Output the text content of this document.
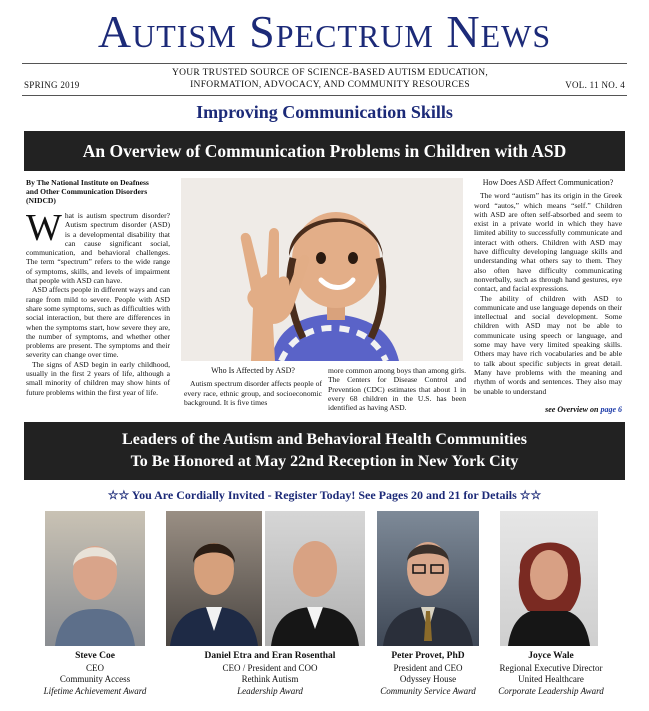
Autism Spectrum News
YOUR TRUSTED SOURCE OF SCIENCE-BASED AUTISM EDUCATION,
INFORMATION, ADVOCACY, AND COMMUNITY RESOURCES
SPRING 2019	VOL. 11 NO. 4
Improving Communication Skills
An Overview of Communication Problems in Children with ASD
By The National Institute on Deafness
and Other Communication Disorders
(NIDCD)

What is autism spectrum disorder? Autism spectrum disorder (ASD) is a developmental disability that can cause significant social, communication, and behavioral challenges. The term “spectrum” refers to the wide range of symptoms, skills, and levels of impairment that people with ASD can have.

ASD affects people in different ways and can range from mild to severe. People with ASD share some symptoms, such as difficulties with social interaction, but there are differences in when the symptoms start, how severe they are, the number of symptoms, and whether other problems are present. The symptoms and their severity can change over time.

The signs of ASD begin in early childhood, usually in the first 2 years of life, although a small minority of children may show hints of future problems within the first year of life.

Who Is Affected by ASD?

Autism spectrum disorder affects people of every race, ethnic group, and socioeconomic background. It is five times

more common among boys than among girls. The Centers for Disease Control and Prevention (CDC) estimates that about 1 in every 68 children in the U.S. has been identified as having ASD.

How Does ASD Affect Communication?

The word “autism” has its origin in the Greek word “autos,” which means “self.” Children with ASD are often self-absorbed and seem to exist in a private world in which they have limited ability to successfully communicate and interact with others. Children with ASD may have difficulty developing language skills and understanding what others say to them. They also often have difficulty communicating nonverbally, such as through hand gestures, eye contact, and facial expressions.

The ability of children with ASD to communicate and use language depends on their intellectual and social development. Some children with ASD may not be able to communicate using speech or language, and some may have very limited speaking skills. Others may have rich vocabularies and be able to talk about specific subjects in great detail. Many have problems with the meaning and rhythm of words and sentences. They also may be unable to understand

see Overview on page 6
Leaders of the Autism and Behavioral Health Communities
To Be Honored at May 22nd Reception in New York City
☆☆ You Are Cordially Invited - Register Today! See Pages 20 and 21 for Details ☆☆
Steve Coe
CEO
Community Access
Lifetime Achievement Award
Daniel Etra and Eran Rosenthal
CEO / President and COO
Rethink Autism
Leadership Award
Peter Provet, PhD
President and CEO
Odyssey House
Community Service Award
Joyce Wale
Regional Executive Director
United Healthcare
Corporate Leadership Award
